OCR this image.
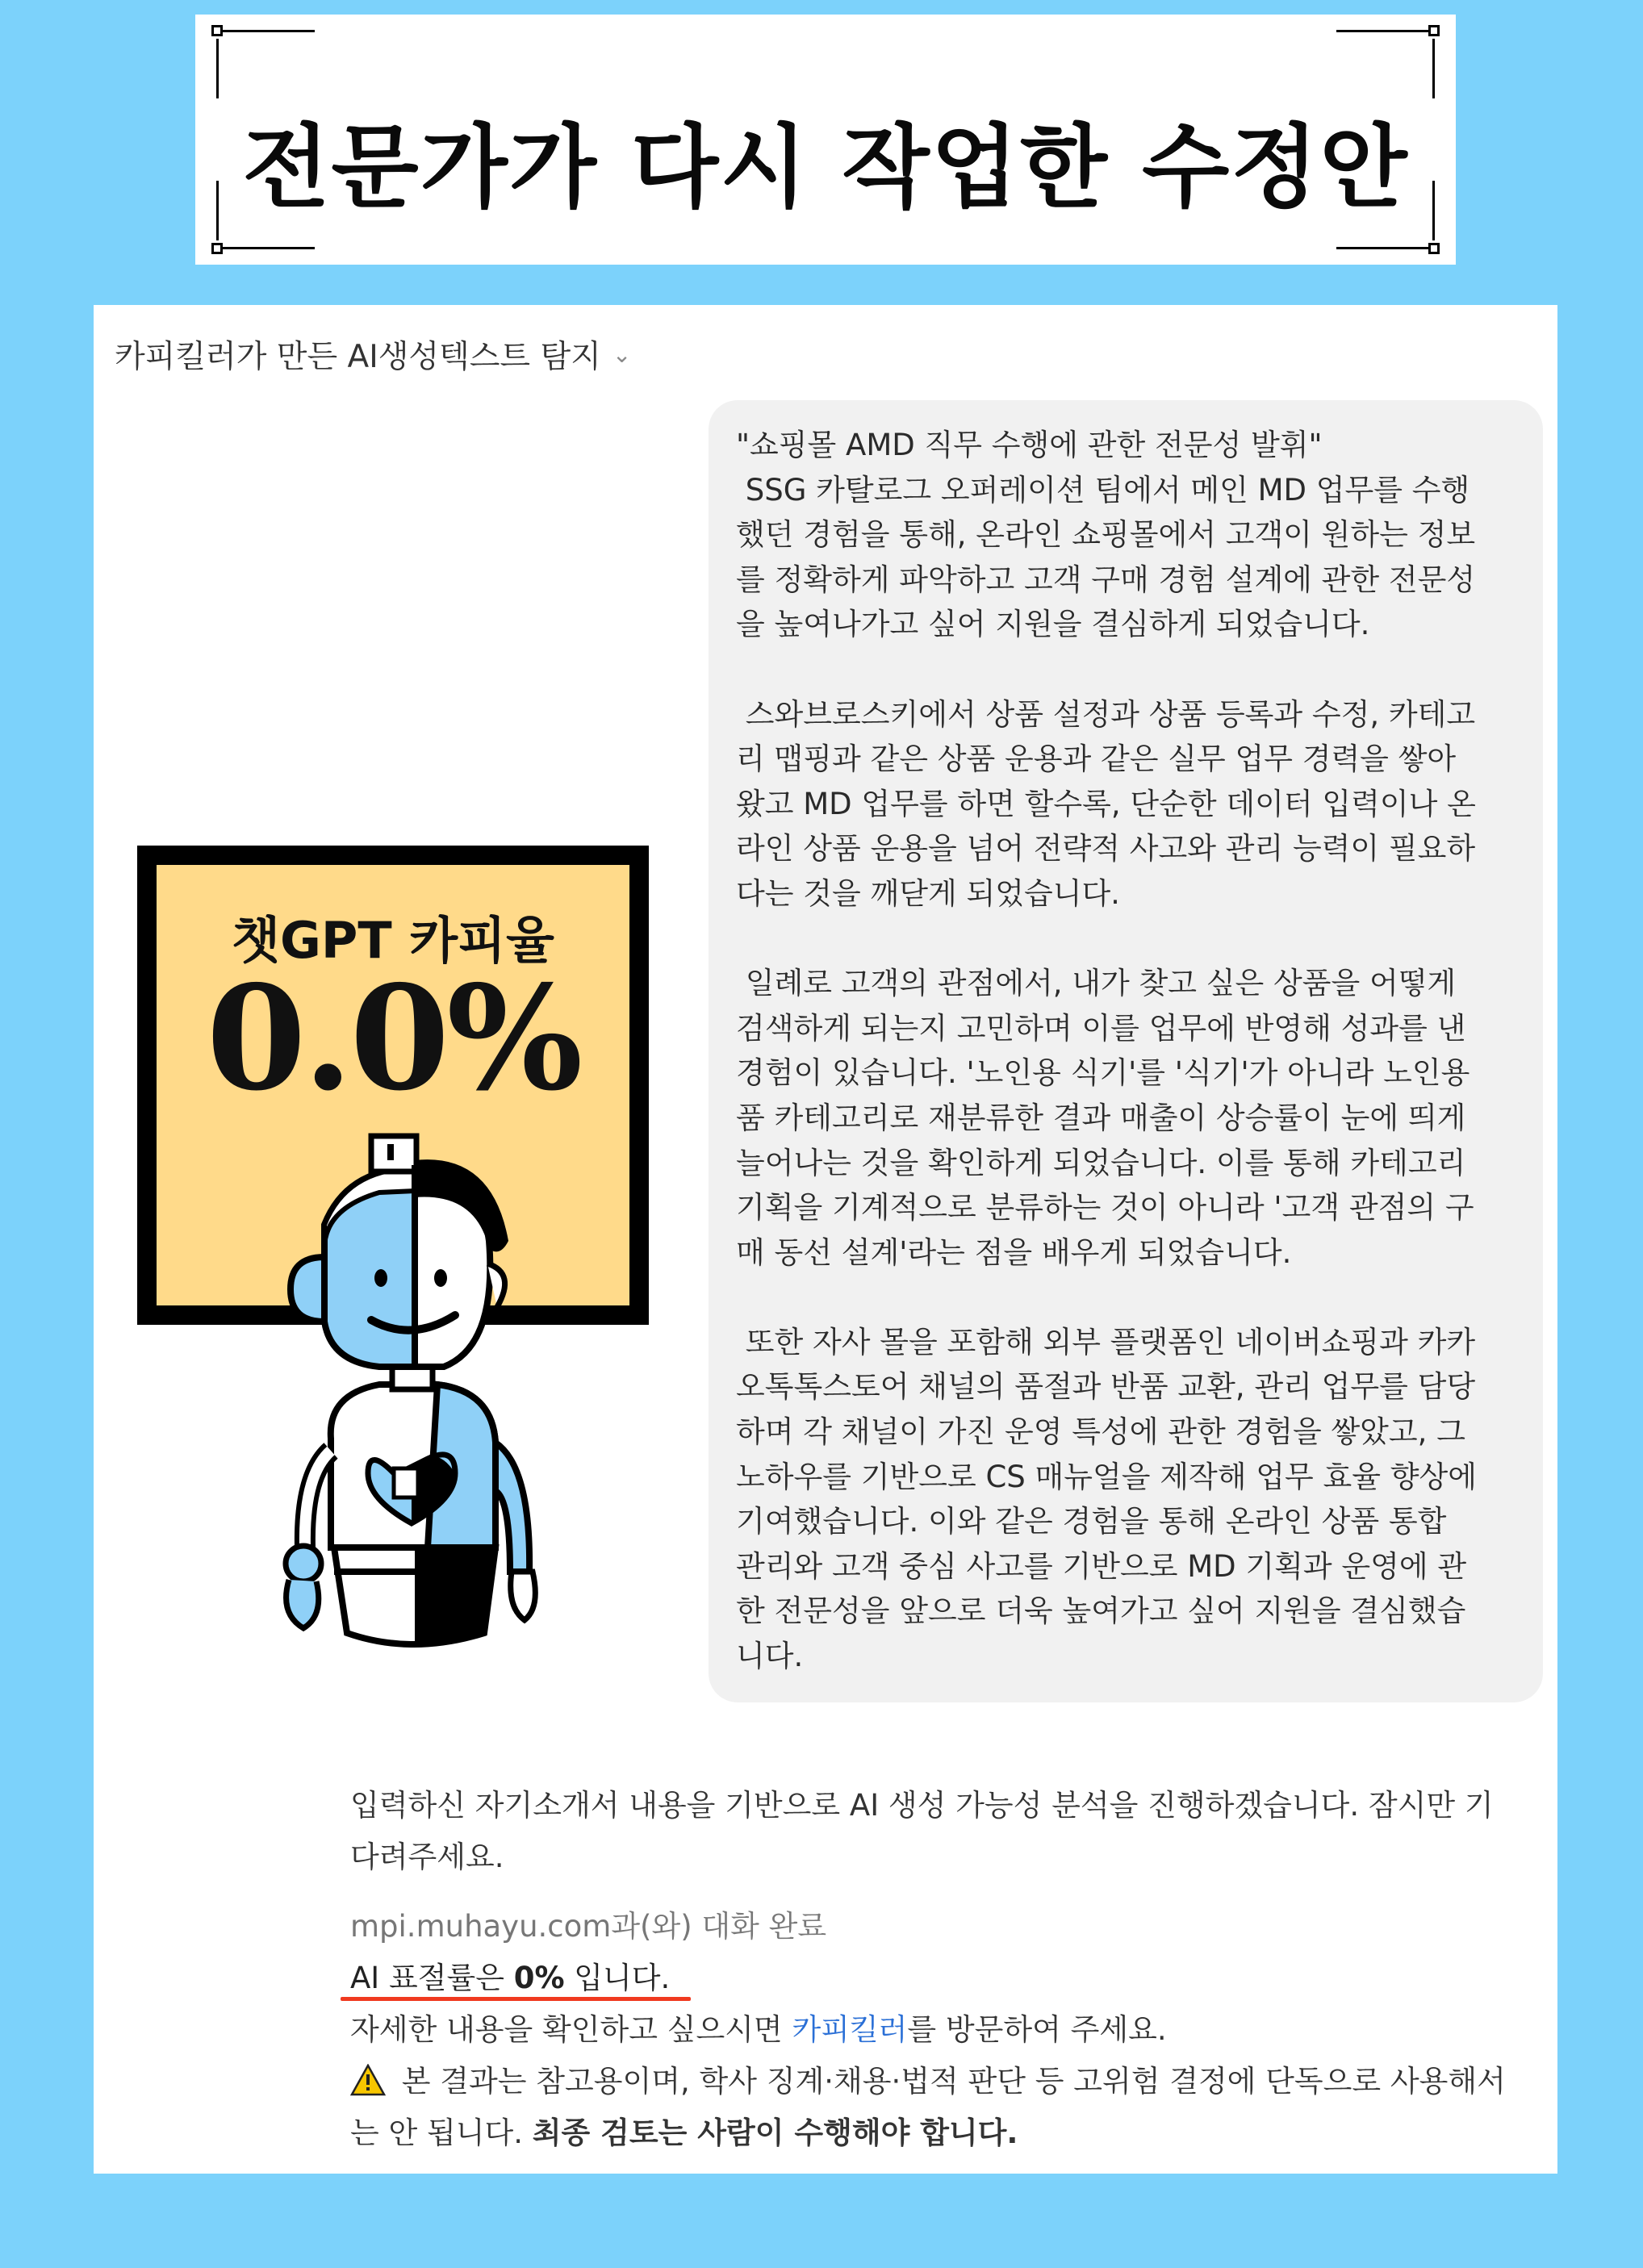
전문가가 다시 작업한 수정안
카피킬러가 만든 AI생성텍스트 탐지 ⌄

"쇼핑몰 AMD 직무 수행에 관한 전문성 발휘"
SSG 카탈로그 오퍼레이션 팀에서 메인 MD 업무를 수행
했던 경험을 통해, 온라인 쇼핑몰에서 고객이 원하는 정보
를 정확하게 파악하고 고객 구매 경험 설계에 관한 전문성
을 높여나가고 싶어 지원을 결심하게 되었습니다.

스와브로스키에서 상품 설정과 상품 등록과 수정, 카테고
리 맵핑과 같은 상품 운용과 같은 실무 업무 경력을 쌓아
왔고 MD 업무를 하면 할수록, 단순한 데이터 입력이나 온
라인 상품 운용을 넘어 전략적 사고와 관리 능력이 필요하
다는 것을 깨닫게 되었습니다.

일례로 고객의 관점에서, 내가 찾고 싶은 상품을 어떻게
검색하게 되는지 고민하며 이를 업무에 반영해 성과를 낸
경험이 있습니다. '노인용 식기'를 '식기'가 아니라 노인용
품 카테고리로 재분류한 결과 매출이 상승률이 눈에 띄게
늘어나는 것을 확인하게 되었습니다. 이를 통해 카테고리
기획을 기계적으로 분류하는 것이 아니라 '고객 관점의 구
매 동선 설계'라는 점을 배우게 되었습니다.

또한 자사 몰을 포함해 외부 플랫폼인 네이버쇼핑과 카카
오톡톡스토어 채널의 품절과 반품 교환, 관리 업무를 담당
하며 각 채널이 가진 운영 특성에 관한 경험을 쌓았고, 그
노하우를 기반으로 CS 매뉴얼을 제작해 업무 효율 향상에
기여했습니다. 이와 같은 경험을 통해 온라인 상품 통합
관리와 고객 중심 사고를 기반으로 MD 기획과 운영에 관
한 전문성을 앞으로 더욱 높여가고 싶어 지원을 결심했습
니다.

입력하신 자기소개서 내용을 기반으로 AI 생성 가능성 분석을 진행하겠습니다. 잠시만 기
다려주세요.
mpi.muhayu.com과(와) 대화 완료
AI 표절률은 0% 입니다.
자세한 내용을 확인하고 싶으시면 카피킬러를 방문하여 주세요.
본 결과는 참고용이며, 학사 징계·채용·법적 판단 등 고위험 결정에 단독으로 사용해서
는 안 됩니다. 최종 검토는 사람이 수행해야 합니다.
챗GPT 카피율
0.0%
